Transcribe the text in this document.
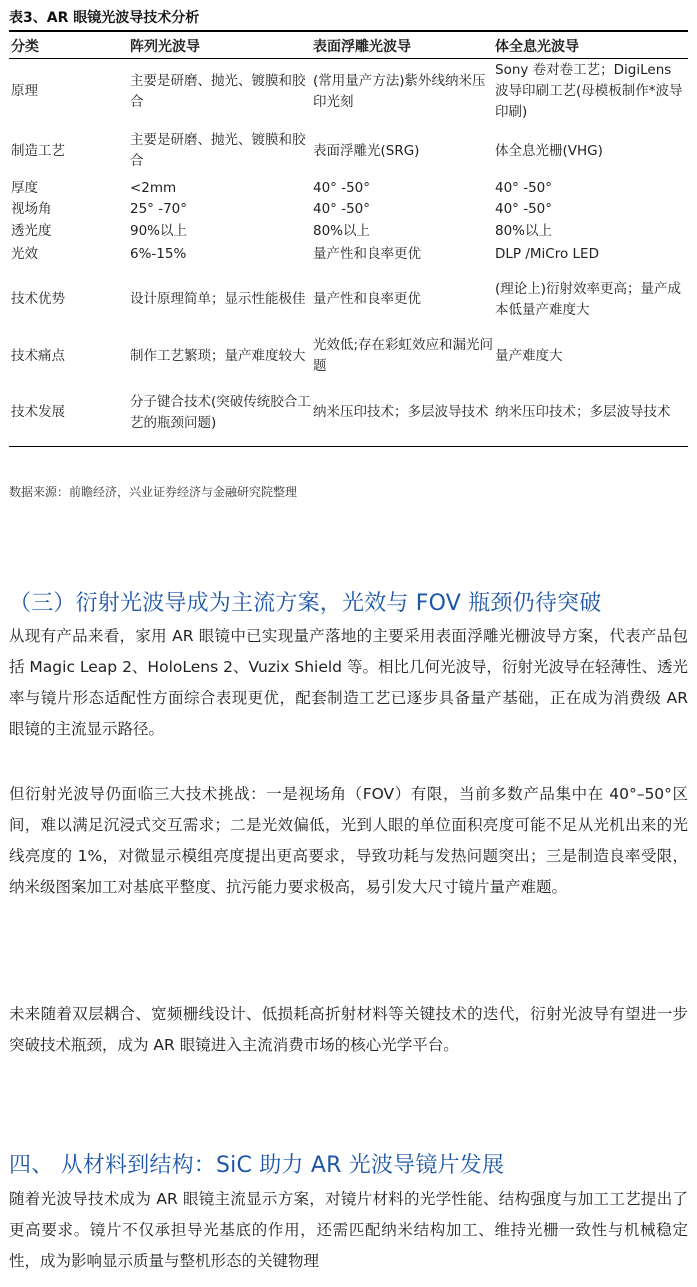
表3、AR 眼镜光波导技术分析
分类	阵列光波导	表面浮雕光波导	体全息光波导
原理	主要是研磨、抛光、镀膜和胶合	(常用量产方法)紫外线纳米压印光刻	Sony 卷对卷工艺；DigiLens 波导印刷工艺(母模板制作*波导印刷)
制造工艺	主要是研磨、抛光、镀膜和胶合	表面浮雕光(SRG)	体全息光栅(VHG)
厚度	<2mm	40° -50°	40° -50°
视场角	25° -70°	40° -50°	40° -50°
透光度	90%以上	80%以上	80%以上
光效	6%-15%	量产性和良率更优	DLP /MiCro LED
技术优势	设计原理简单；显示性能极佳	量产性和良率更优	(理论上)衍射效率更高；量产成本低量产难度大
技术痛点	制作工艺繁琐；量产难度较大	光效低;存在彩虹效应和漏光问题	量产难度大
技术发展	分子键合技术(突破传统胶合工艺的瓶颈问题)	纳米压印技术；多层波导技术	纳米压印技术；多层波导技术
数据来源：前瞻经济，兴业证券经济与金融研究院整理
（三）衍射光波导成为主流方案，光效与 FOV 瓶颈仍待突破

从现有产品来看，家用 AR 眼镜中已实现量产落地的主要采用表面浮雕光栅波导方案，代表产品包括 Magic Leap 2、HoloLens 2、Vuzix Shield 等。相比几何光波导，衍射光波导在轻薄性、透光率与镜片形态适配性方面综合表现更优，配套制造工艺已逐步具备量产基础，正在成为消费级 AR 眼镜的主流显示路径。

但衍射光波导仍面临三大技术挑战：一是视场角（FOV）有限，当前多数产品集中在 40°–50°区间，难以满足沉浸式交互需求；二是光效偏低，光到人眼的单位面积亮度可能不足从光机出来的光线亮度的 1%，对微显示模组亮度提出更高要求，导致功耗与发热问题突出；三是制造良率受限，纳米级图案加工对基底平整度、抗污能力要求极高，易引发大尺寸镜片量产难题。

未来随着双层耦合、宽频栅线设计、低损耗高折射材料等关键技术的迭代，衍射光波导有望进一步突破技术瓶颈，成为 AR 眼镜进入主流消费市场的核心光学平台。

四、 从材料到结构：SiC 助力 AR 光波导镜片发展

随着光波导技术成为 AR 眼镜主流显示方案，对镜片材料的光学性能、结构强度与加工工艺提出了更高要求。镜片不仅承担导光基底的作用，还需匹配纳米结构加工、维持光栅一致性与机械稳定性，成为影响显示质量与整机形态的关键物理
